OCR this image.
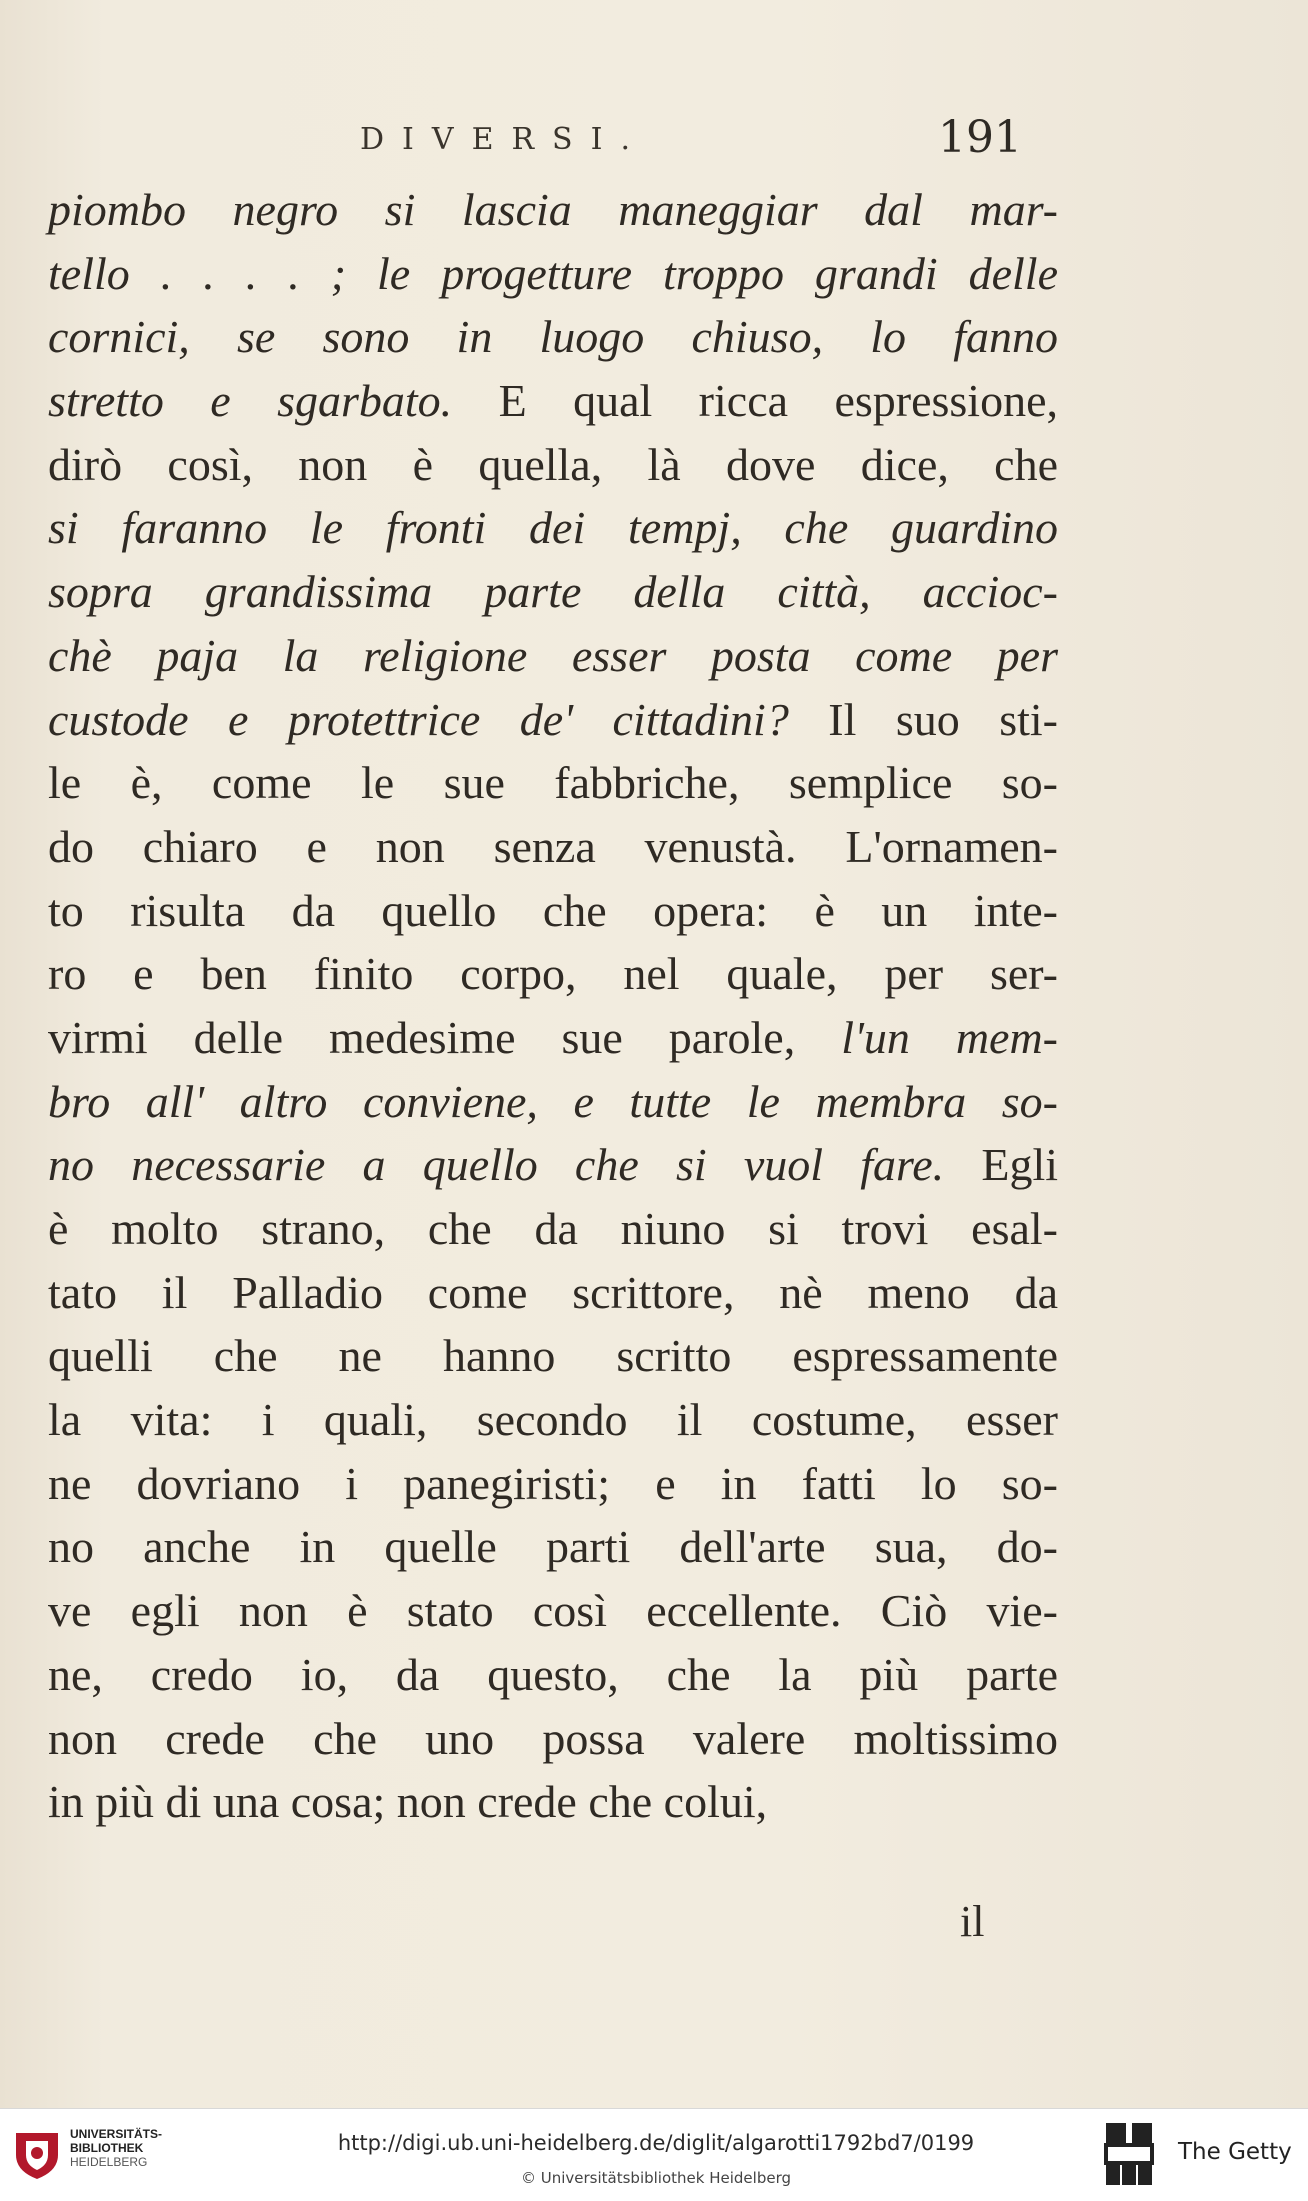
DIVERSI.	191
piombo negro si lascia maneggiar dal mar-
tello . . . . ; le progetture troppo grandi delle
cornici, se sono in luogo chiuso, lo fanno
stretto e sgarbato. E qual ricca espressione,
dirò così, non è quella, là dove dice, che
si faranno le fronti dei tempj, che guardino
sopra grandissima parte della città, accioc-
chè paja la religione esser posta come per
custode e protettrice de' cittadini? Il suo sti-
le è, come le sue fabbriche, semplice so-
do chiaro e non senza venustà. L'ornamen-
to risulta da quello che opera: è un inte-
ro e ben finito corpo, nel quale, per ser-
virmi delle medesime sue parole, l'un mem-
bro all' altro conviene, e tutte le membra so-
no necessarie a quello che si vuol fare. Egli
è molto strano, che da niuno si trovi esal-
tato il Palladio come scrittore, nè meno da
quelli che ne hanno scritto espressamente
la vita: i quali, secondo il costume, esser
ne dovriano i panegiristi; e in fatti lo so-
no anche in quelle parti dell'arte sua, do-
ve egli non è stato così eccellente. Ciò vie-
ne, credo io, da questo, che la più parte
non crede che uno possa valere moltissimo
in più di una cosa; non crede che colui,
il
UNIVERSITÄTS-
BIBLIOTHEK
HEIDELBERG
http://digi.ub.uni-heidelberg.de/diglit/algarotti1792bd7/0199
© Universitätsbibliothek Heidelberg
The Getty
